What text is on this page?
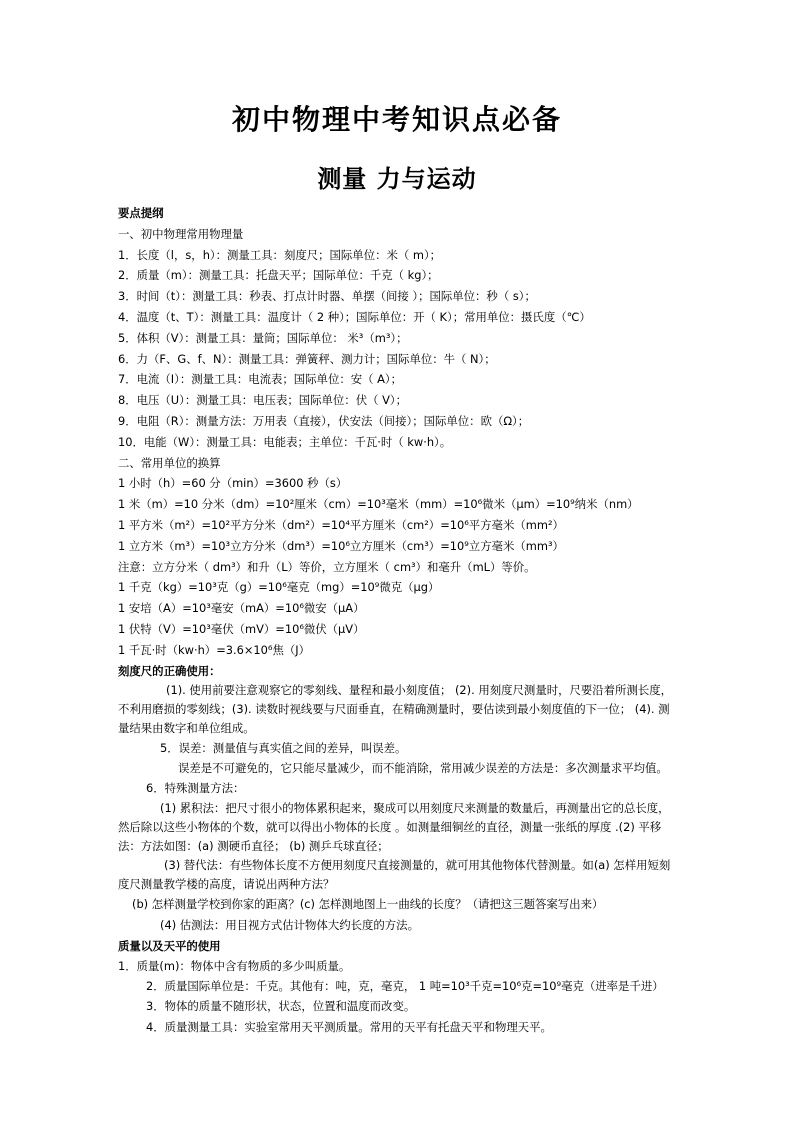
初中物理中考知识点必备
测量 力与运动
要点提纲
一、初中物理常用物理量
1．长度（l，s，h）：测量工具：刻度尺；国际单位：米（ m）；
2．质量（m）：测量工具：托盘天平；国际单位：千克（ kg）；
3．时间（t）：测量工具：秒表、打点计时器、单摆（间接 ）；国际单位：秒（ s）；
4．温度（t、T）：测量工具：温度计（ 2 种）；国际单位：开（ K）；常用单位：摄氏度（℃）
5．体积（V）：测量工具：量筒；国际单位： 米³（m³）；
6．力（F、G、f、N）：测量工具：弹簧秤、测力计；国际单位：牛（ N）；
7．电流（I）：测量工具：电流表；国际单位：安（ A）；
8．电压（U）：测量工具：电压表；国际单位：伏（ V）；
9．电阻（R）：测量方法：万用表（直接），伏安法（间接）；国际单位：欧（Ω）；
10．电能（W）：测量工具：电能表；主单位：千瓦·时（ kw·h）。
二、常用单位的换算
1 小时（h）=60 分（min）=3600 秒（s）
1 米（m）=10 分米（dm）=10²厘米（cm）=10³毫米（mm）=10⁶微米（μm）=10⁹纳米（nm）
1 平方米（m²）=10²平方分米（dm²）=10⁴平方厘米（cm²）=10⁶平方毫米（mm²）
1 立方米（m³）=10³立方分米（dm³）=10⁶立方厘米（cm³）=10⁹立方毫米（mm³）
注意：立方分米（ dm³）和升（L）等价，立方厘米（ cm³）和毫升（mL）等价。
1 千克（kg）=10³克（g）=10⁶毫克（mg）=10⁹微克（μg）
1 安培（A）=10³毫安（mA）=10⁶微安（μA）
1 伏特（V）=10³毫伏（mV）=10⁶微伏（μV）
1 千瓦·时（kw·h）=3.6×10⁶焦（J）
刻度尺的正确使用：
(1). 使用前要注意观察它的零刻线、量程和最小刻度值； (2). 用刻度尺测量时，尺要沿着所测长度，不利用磨损的零刻线；(3). 读数时视线要与尺面垂直，在精确测量时，要估读到最小刻度值的下一位； (4). 测量结果由数字和单位组成。
5．误差：测量值与真实值之间的差异，叫误差。
误差是不可避免的，它只能尽量减少，而不能消除，常用减少误差的方法是：多次测量求平均值。
6．特殊测量方法：
(1) 累积法：把尺寸很小的物体累积起来，聚成可以用刻度尺来测量的数量后，再测量出它的总长度，然后除以这些小物体的个数，就可以得出小物体的长度 。如测量细铜丝的直径，测量一张纸的厚度 .(2) 平移法：方法如图：(a) 测硬币直径； (b) 测乒乓球直径；
(3) 替代法：有些物体长度不方便用刻度尺直接测量的，就可用其他物体代替测量。如(a) 怎样用短刻度尺测量教学楼的高度，请说出两种方法？
(b) 怎样测量学校到你家的距离？(c) 怎样测地图上一曲线的长度？（请把这三题答案写出来）
(4) 估测法：用目视方式估计物体大约长度的方法。
质量以及天平的使用
1．质量(m)：物体中含有物质的多少叫质量。
2．质量国际单位是：千克。其他有：吨，克，毫克， 1 吨=10³千克=10⁶克=10⁹毫克（进率是千进）
3．物体的质量不随形状，状态，位置和温度而改变。
4．质量测量工具：实验室常用天平测质量。常用的天平有托盘天平和物理天平。
